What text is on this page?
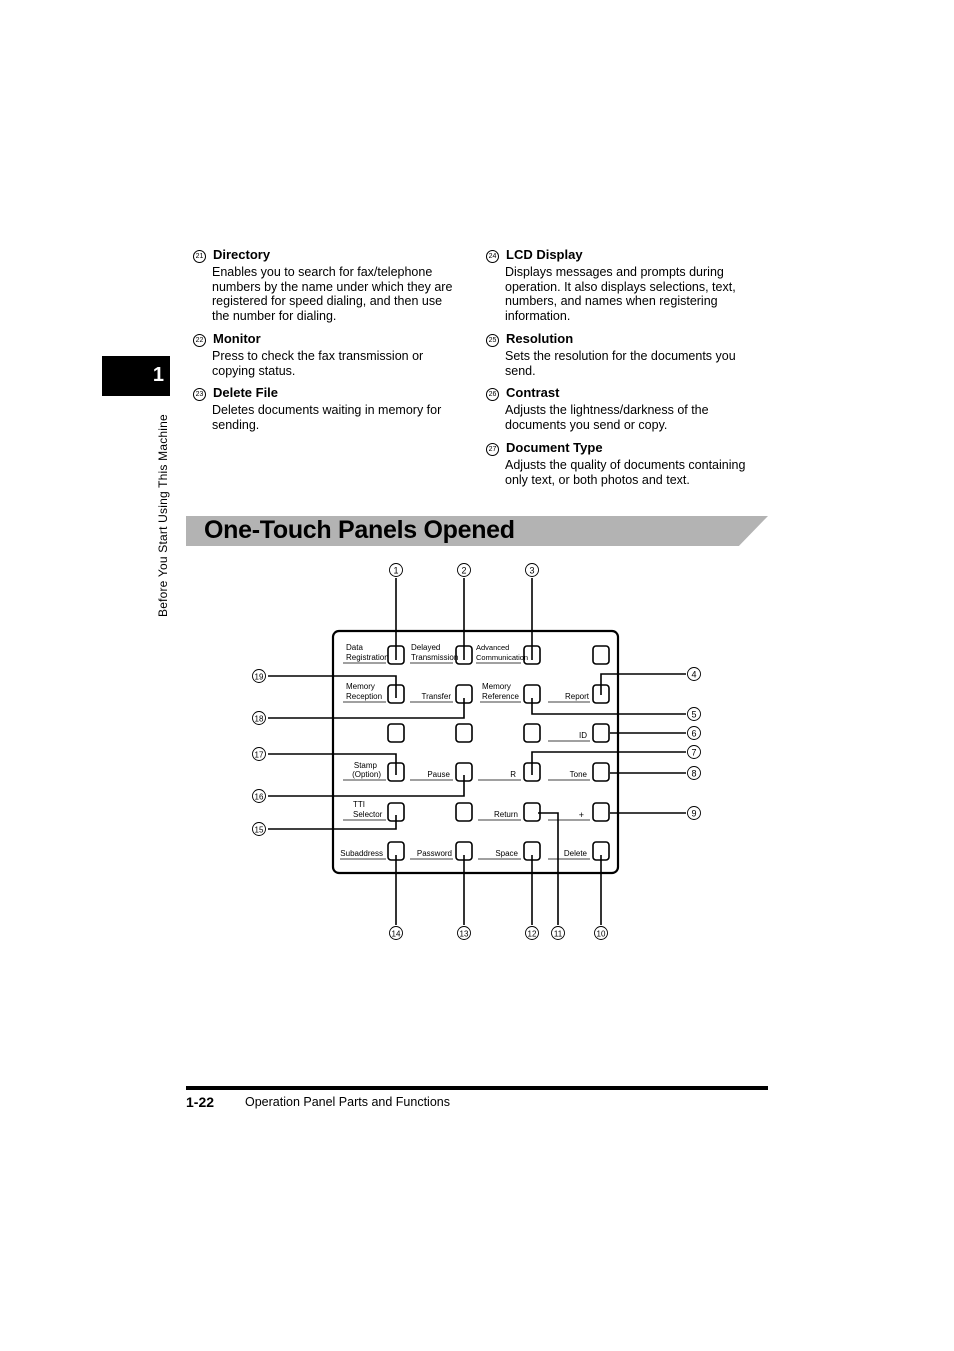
21 Directory
Enables you to search for fax/telephone numbers by the name under which they are registered for speed dialing, and then use the number for dialing.
22 Monitor
Press to check the fax transmission or copying status.
23 Delete File
Deletes documents waiting in memory for sending.
24 LCD Display
Displays messages and prompts during operation. It also displays selections, text, numbers, and names when registering information.
25 Resolution
Sets the resolution for the documents you send.
26 Contrast
Adjusts the lightness/darkness of the documents you send or copy.
27 Document Type
Adjusts the quality of documents containing only text, or both photos and text.
1
Before You Start Using This Machine One-Touch Panels Opened
Data
Registration
Delayed
Transmission
Advanced
Communication
Memory
Reception	Transfer
Memory
Reference	Report
ID
Stamp
(Option)	Pause	R	Tone
TTI
Selector	Return	+
Subaddress	Password	Space	Delete
1	2	3
4
5
6
7
8
9
10
11
12
13
14
15
16
17
18
19
1-22 Operation Panel Parts and Functions
